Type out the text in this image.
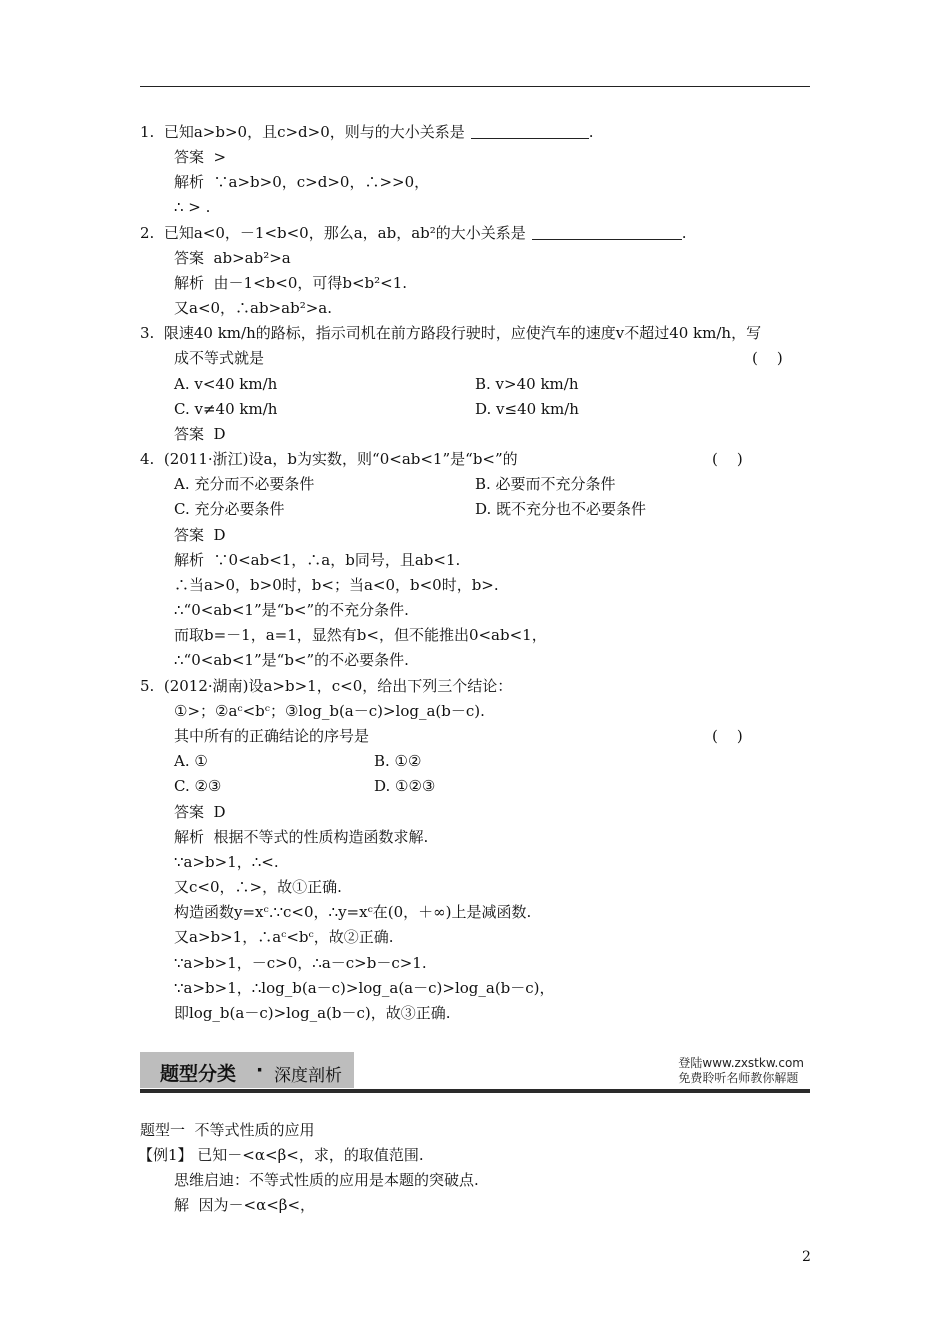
1.  已知a>b>0，且c>d>0，则与的大小关系是	.
答案  >
解析  ∵a>b>0，c>d>0，∴>>0，
∴ > .
2.  已知a<0，－1<b<0，那么a，ab，ab²的大小关系是	.
答案  ab>ab²>a
解析  由－1<b<0，可得b<b²<1.
又a<0，∴ab>ab²>a.
3.  限速40 km/h的路标，指示司机在前方路段行驶时，应使汽车的速度v不超过40 km/h，写
成不等式就是
A. v<40 km/h	B. v>40 km/h
C. v≠40 km/h	D. v≤40 km/h
答案  D
4.  (2011·浙江)设a，b为实数，则“0<ab<1”是“b<”的
A. 充分而不必要条件	B. 必要而不充分条件
C. 充分必要条件	D. 既不充分也不必要条件
答案  D
解析  ∵0<ab<1，∴a，b同号，且ab<1.
∴当a>0，b>0时，b<；当a<0，b<0时，b>.
∴“0<ab<1”是“b<”的不充分条件.
而取b=－1，a=1，显然有b<，但不能推出0<ab<1，
∴“0<ab<1”是“b<”的不必要条件.
5.  (2012·湖南)设a>b>1，c<0，给出下列三个结论：
①>；②aᶜ<bᶜ；③log_b(a－c)>log_a(b－c).
其中所有的正确结论的序号是
A. ①	B. ①②
C. ②③	D. ①②③
答案  D
解析  根据不等式的性质构造函数求解.
∵a>b>1，∴<.
又c<0，∴>，故①正确.
构造函数y=xᶜ.∵c<0，∴y=xᶜ在(0，＋∞)上是减函数.
又a>b>1，∴aᶜ<bᶜ，故②正确.
∵a>b>1，－c>0，∴a－c>b－c>1.
∵a>b>1，∴log_b(a－c)>log_a(a－c)>log_a(b－c)，
即log_b(a－c)>log_a(b－c)，故③正确.
题型一  不等式性质的应用
【例1】 已知－<α<β<，求，的取值范围.
思维启迪：不等式性质的应用是本题的突破点.
解  因为－<α<β<，
(    )
(    )
(    )
题型分类 · 深度剖析
登陆www.zxstkw.com
免费聆听名师教你解题
2
